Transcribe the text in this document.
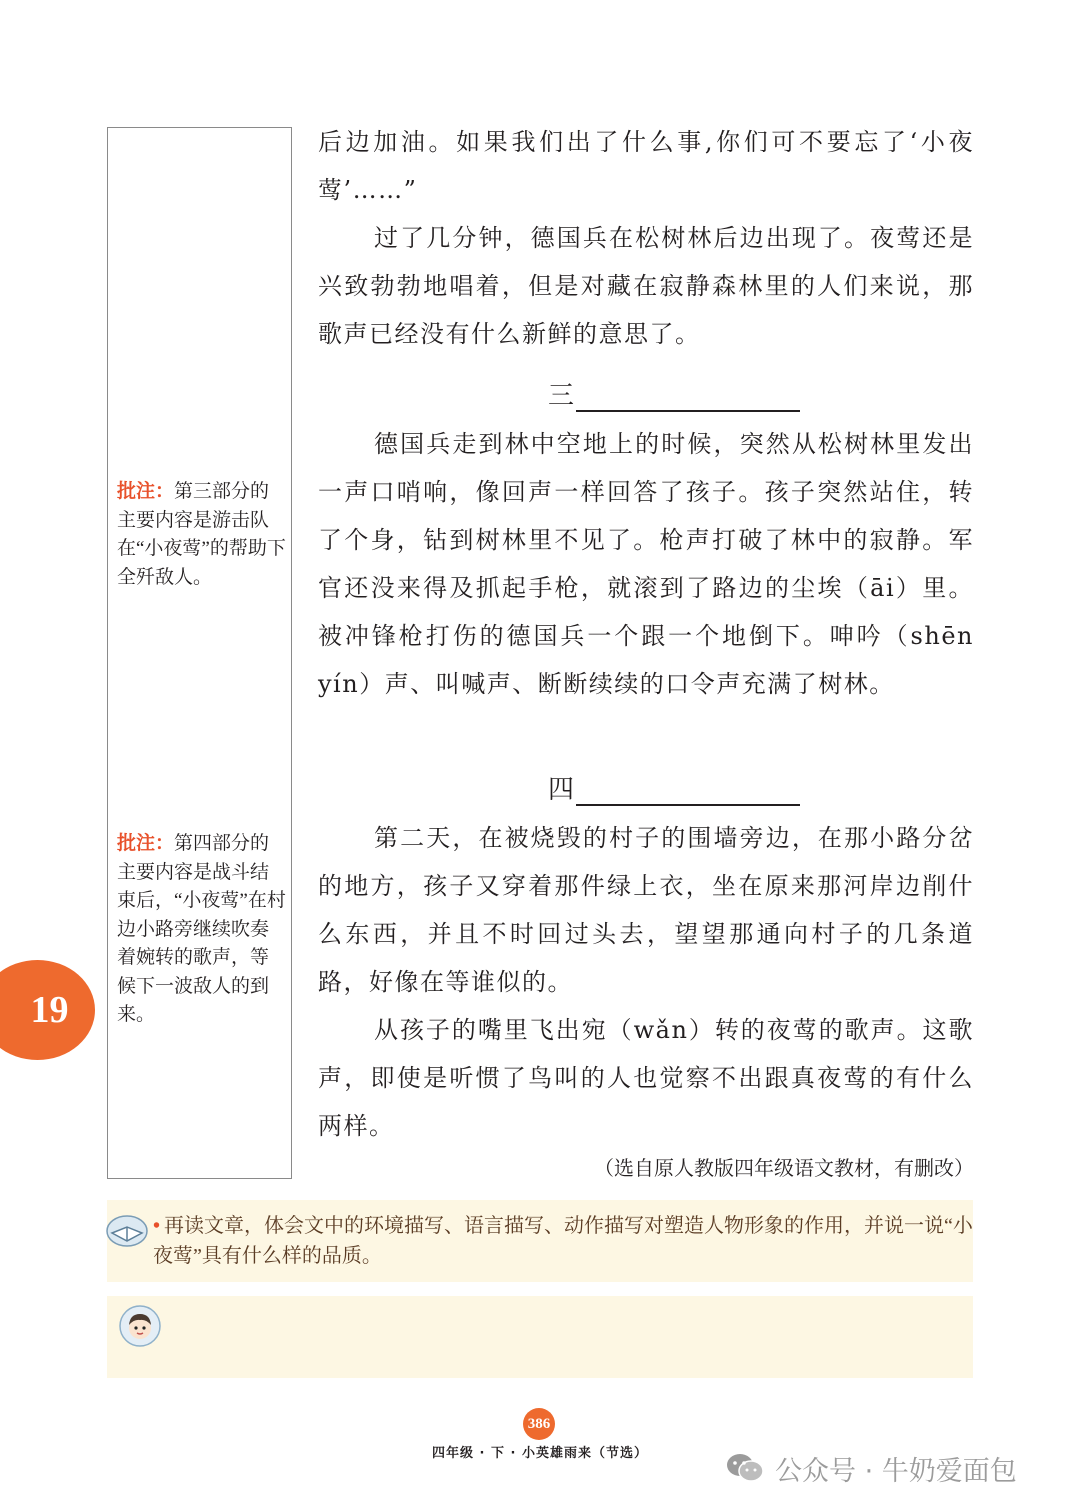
批注：第三部分的主要内容是游击队在“小夜莺”的帮助下全歼敌人。
批注：第四部分的主要内容是战斗结束后，“小夜莺”在村边小路旁继续吹奏着婉转的歌声，等候下一波敌人的到来。
19

后边加油。如果我们出了什么事,你们可不要忘了‘小夜莺’……”

过了几分钟，德国兵在松树林后边出现了。夜莺还是兴致勃勃地唱着，但是对藏在寂静森林里的人们来说，那歌声已经没有什么新鲜的意思了。

三

德国兵走到林中空地上的时候，突然从松树林里发出一声口哨响，像回声一样回答了孩子。孩子突然站住，转了个身，钻到树林里不见了。枪声打破了林中的寂静。军官还没来得及抓起手枪，就滚到了路边的尘埃（āi）里。被冲锋枪打伤的德国兵一个跟一个地倒下。呻吟（shēn yín）声、叫喊声、断断续续的口令声充满了树林。

四

第二天，在被烧毁的村子的围墙旁边，在那小路分岔的地方，孩子又穿着那件绿上衣，坐在原来那河岸边削什么东西，并且不时回过头去，望望那通向村子的几条道路，好像在等谁似的。

从孩子的嘴里飞出宛（wǎn）转的夜莺的歌声。这歌声，即使是听惯了鸟叫的人也觉察不出跟真夜莺的有什么两样。

（选自原人教版四年级语文教材，有删改）
• 再读文章，体会文中的环境描写、语言描写、动作描写对塑造人物形象的作用，并说一说“小夜莺”具有什么样的品质。
386
四年级 · 下 · 小英雄雨来（节选）
公众号 · 牛奶爱面包
